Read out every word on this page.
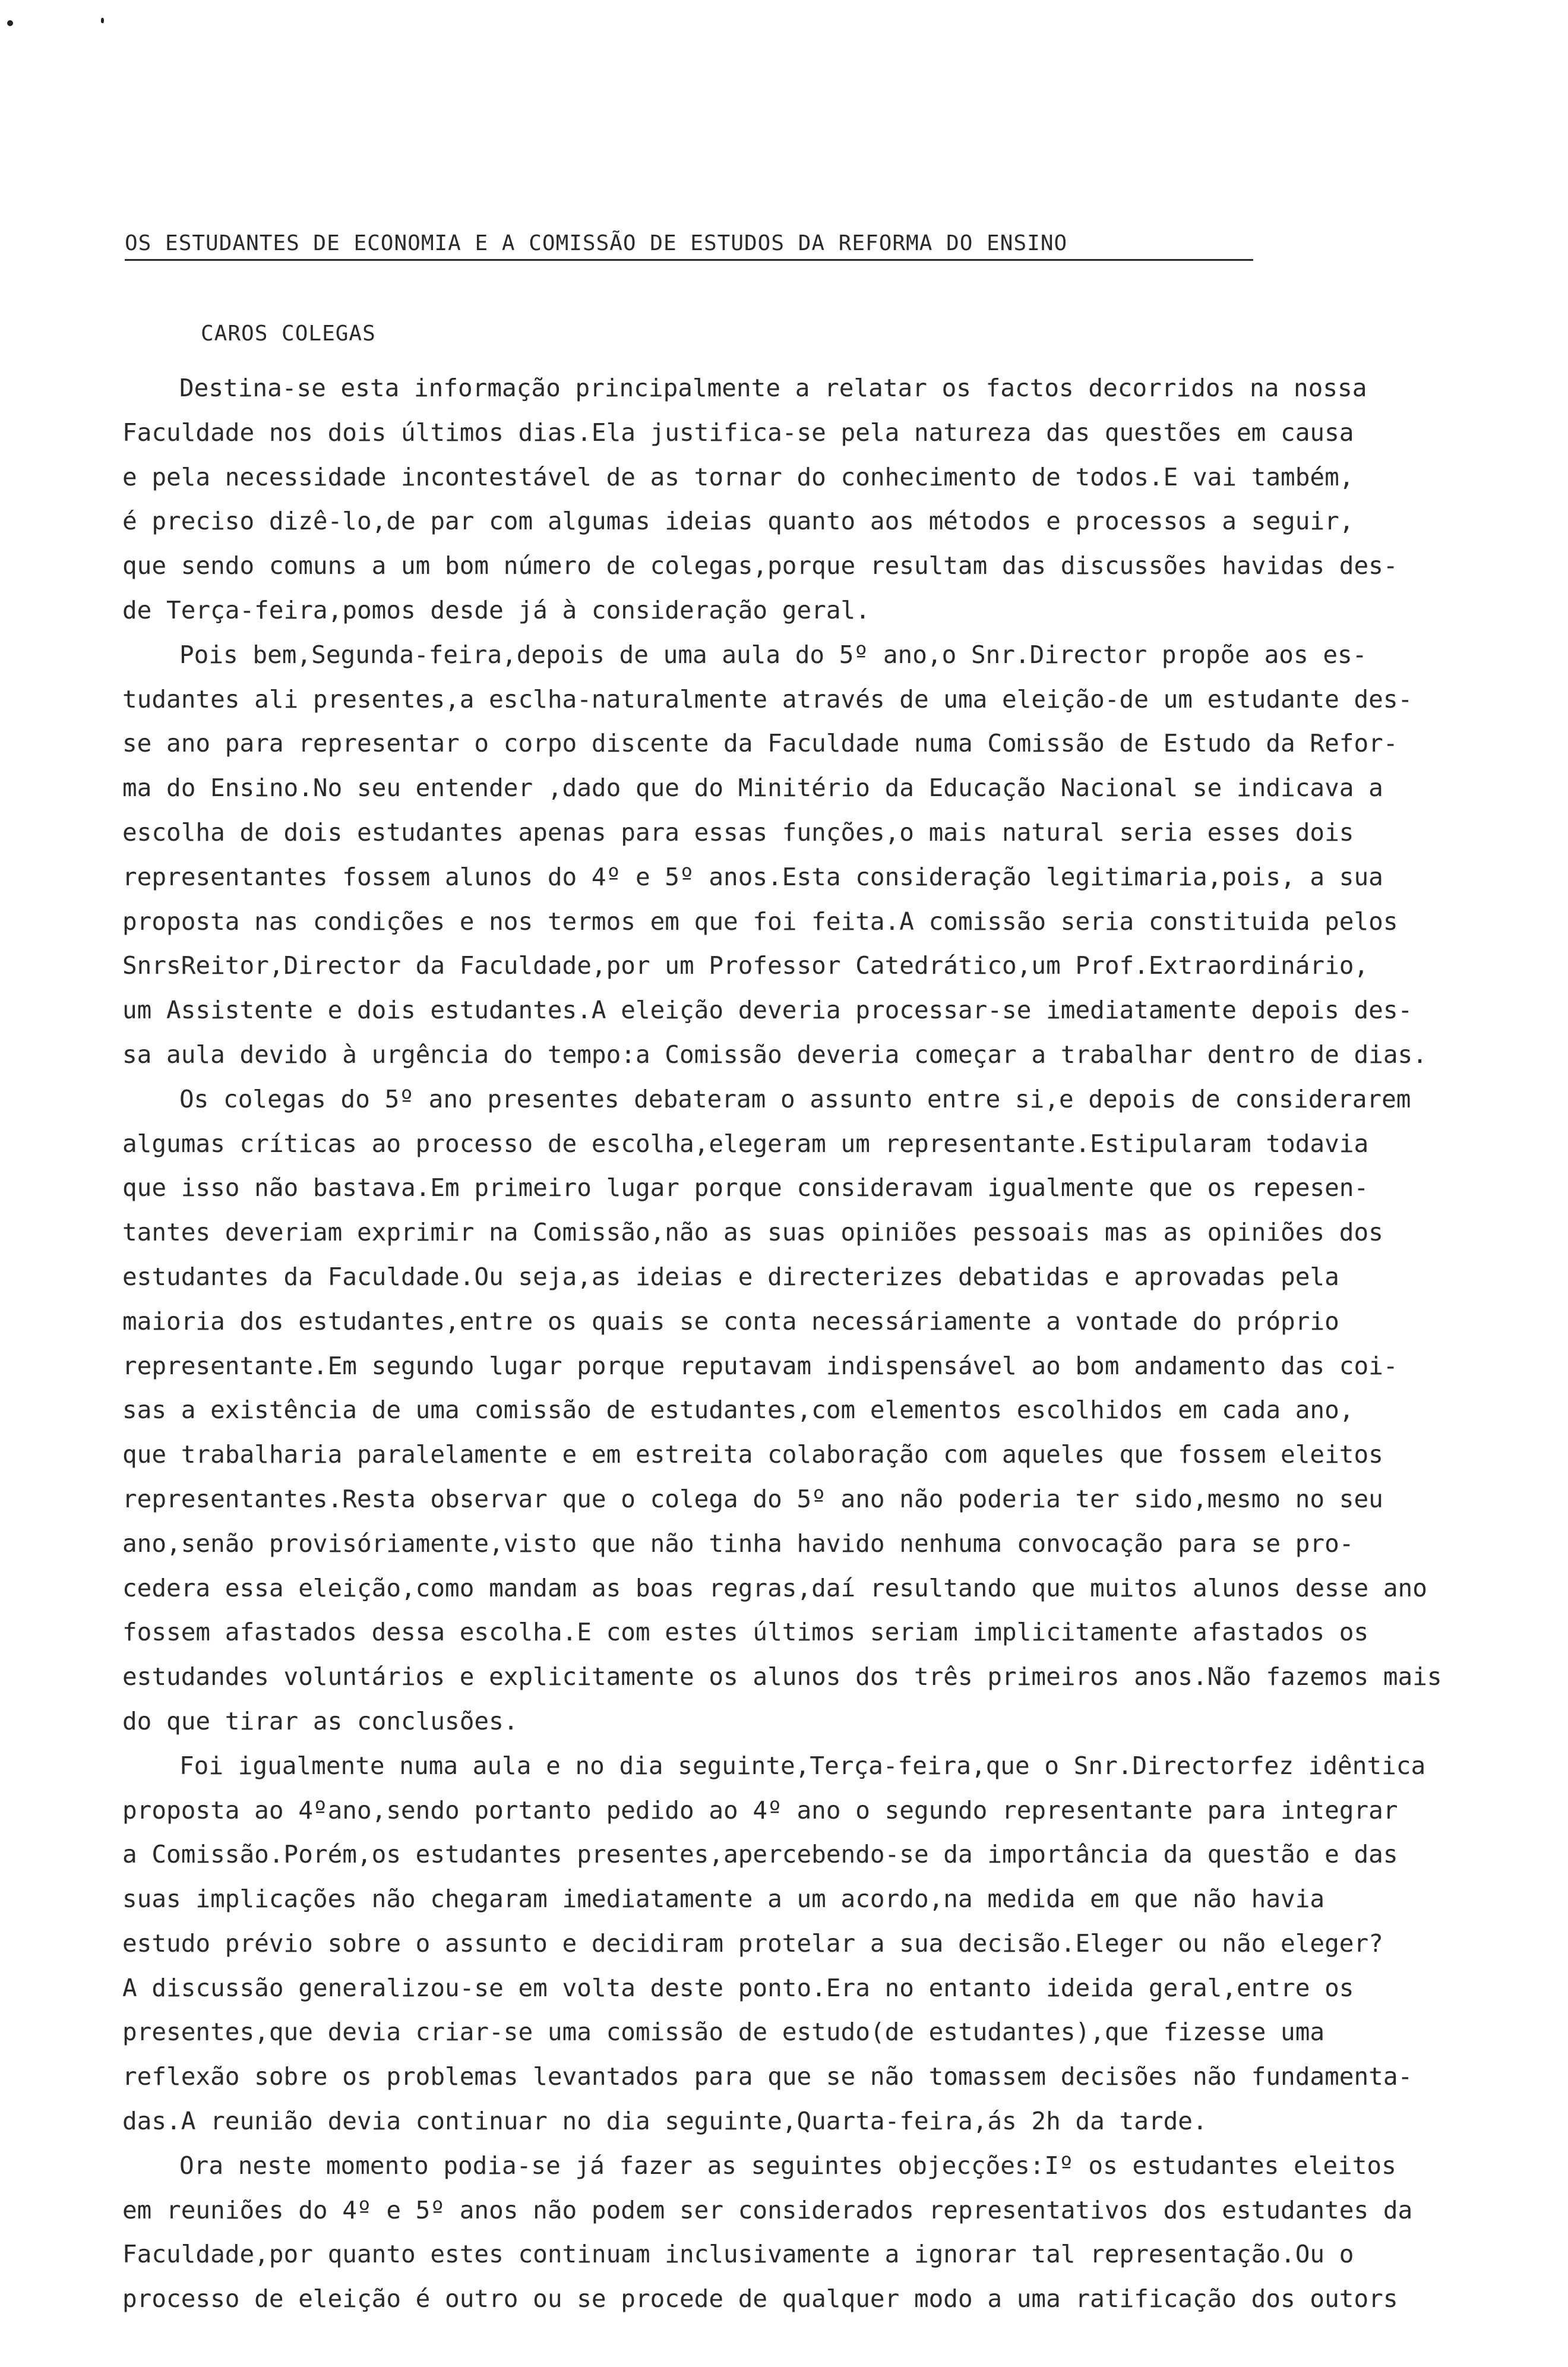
OS ESTUDANTES DE ECONOMIA E A COMISSÃO DE ESTUDOS DA REFORMA DO ENSINO
CAROS COLEGAS
Destina-se esta informação principalmente a relatar os factos decorridos na nossa
Faculdade nos dois últimos dias.Ela justifica-se pela natureza das questões em causa
e pela necessidade incontestável de as tornar do conhecimento de todos.E vai também,
é preciso dizê-lo,de par com algumas ideias quanto aos métodos e processos a seguir,
que sendo comuns a um bom número de colegas,porque resultam das discussões havidas des-
de Terça-feira,pomos desde já à consideração geral.
Pois bem,Segunda-feira,depois de uma aula do 5º ano,o Snr.Director propõe aos es-
tudantes ali presentes,a esclha-naturalmente através de uma eleição-de um estudante des-
se ano para representar o corpo discente da Faculdade numa Comissão de Estudo da Refor-
ma do Ensino.No seu entender ,dado que do Minitério da Educação Nacional se indicava a
escolha de dois estudantes apenas para essas funções,o mais natural seria esses dois
representantes fossem alunos do 4º e 5º anos.Esta consideração legitimaria,pois, a sua
proposta nas condições e nos termos em que foi feita.A comissão seria constituida pelos
SnrsReitor,Director da Faculdade,por um Professor Catedrático,um Prof.Extraordinário,
um Assistente e dois estudantes.A eleição deveria processar-se imediatamente depois des-
sa aula devido à urgência do tempo:a Comissão deveria começar a trabalhar dentro de dias.
Os colegas do 5º ano presentes debateram o assunto entre si,e depois de considerarem
algumas críticas ao processo de escolha,elegeram um representante.Estipularam todavia
que isso não bastava.Em primeiro lugar porque consideravam igualmente que os repesen-
tantes deveriam exprimir na Comissão,não as suas opiniões pessoais mas as opiniões dos
estudantes da Faculdade.Ou seja,as ideias e directerizes debatidas e aprovadas pela
maioria dos estudantes,entre os quais se conta necessáriamente a vontade do próprio
representante.Em segundo lugar porque reputavam indispensável ao bom andamento das coi-
sas a existência de uma comissão de estudantes,com elementos escolhidos em cada ano,
que trabalharia paralelamente e em estreita colaboração com aqueles que fossem eleitos
representantes.Resta observar que o colega do 5º ano não poderia ter sido,mesmo no seu
ano,senão provisóriamente,visto que não tinha havido nenhuma convocação para se pro-
cedera essa eleição,como mandam as boas regras,daí resultando que muitos alunos desse ano
fossem afastados dessa escolha.E com estes últimos seriam implicitamente afastados os
estudandes voluntários e explicitamente os alunos dos três primeiros anos.Não fazemos mais
do que tirar as conclusões.
Foi igualmente numa aula e no dia seguinte,Terça-feira,que o Snr.Directorfez idêntica
proposta ao 4ºano,sendo portanto pedido ao 4º ano o segundo representante para integrar
a Comissão.Porém,os estudantes presentes,apercebendo-se da importância da questão e das
suas implicações não chegaram imediatamente a um acordo,na medida em que não havia
estudo prévio sobre o assunto e decidiram protelar a sua decisão.Eleger ou não eleger?
A discussão generalizou-se em volta deste ponto.Era no entanto ideida geral,entre os
presentes,que devia criar-se uma comissão de estudo(de estudantes),que fizesse uma
reflexão sobre os problemas levantados para que se não tomassem decisões não fundamenta-
das.A reunião devia continuar no dia seguinte,Quarta-feira,ás 2h da tarde.
Ora neste momento podia-se já fazer as seguintes objecções:Iº os estudantes eleitos
em reuniões do 4º e 5º anos não podem ser considerados representativos dos estudantes da
Faculdade,por quanto estes continuam inclusivamente a ignorar tal representação.Ou o
processo de eleição é outro ou se procede de qualquer modo a uma ratificação dos outors
